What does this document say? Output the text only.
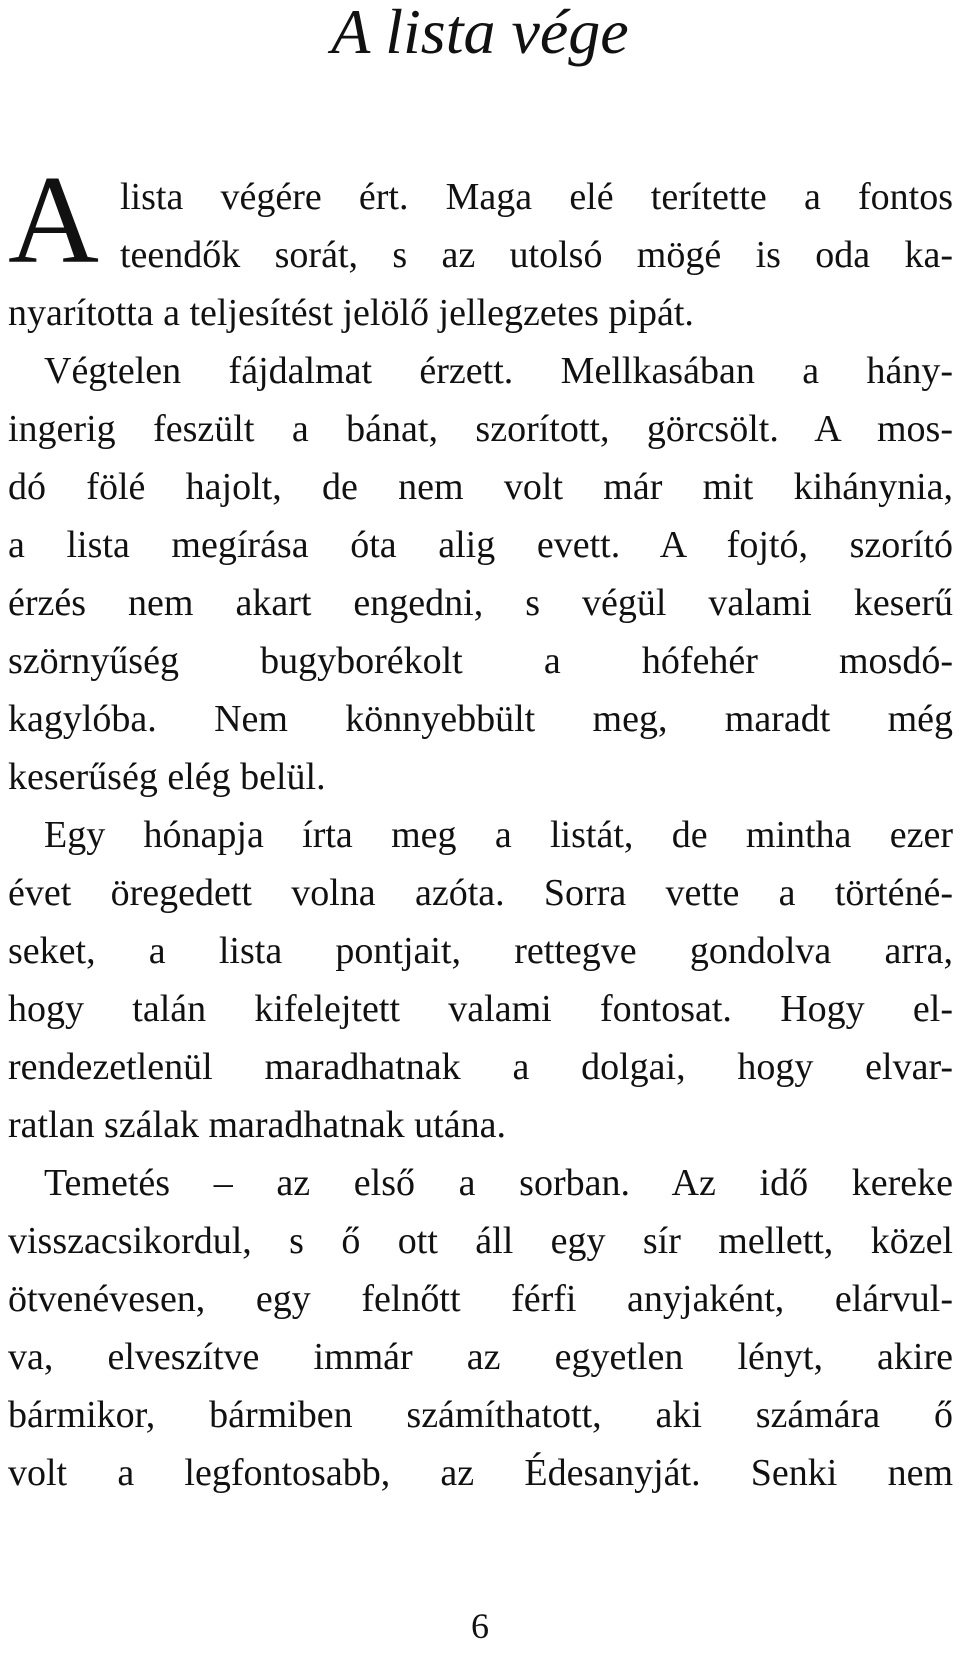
A lista vége
A lista végére ért. Maga elé terítette a fontos
teendők sorát, s az utolsó mögé is oda ka-
nyarította a teljesítést jelölő jellegzetes pipát.
Végtelen fájdalmat érzett. Mellkasában a hány-
ingerig feszült a bánat, szorított, görcsölt. A mos-
dó fölé hajolt, de nem volt már mit kihánynia,
a lista megírása óta alig evett. A fojtó, szorító
érzés nem akart engedni, s végül valami keserű
szörnyűség bugyborékolt a hófehér mosdó-
kagylóba. Nem könnyebbült meg, maradt még
keserűség elég belül.
Egy hónapja írta meg a listát, de mintha ezer
évet öregedett volna azóta. Sorra vette a történé-
seket, a lista pontjait, rettegve gondolva arra,
hogy talán kifelejtett valami fontosat. Hogy el-
rendezetlenül maradhatnak a dolgai, hogy elvar-
ratlan szálak maradhatnak utána.
Temetés – az első a sorban. Az idő kereke
visszacsikordul, s ő ott áll egy sír mellett, közel
ötvenévesen, egy felnőtt férfi anyjaként, elárvul-
va, elveszítve immár az egyetlen lényt, akire
bármikor, bármiben számíthatott, aki számára ő
volt a legfontosabb, az Édesanyját. Senki nem
6
